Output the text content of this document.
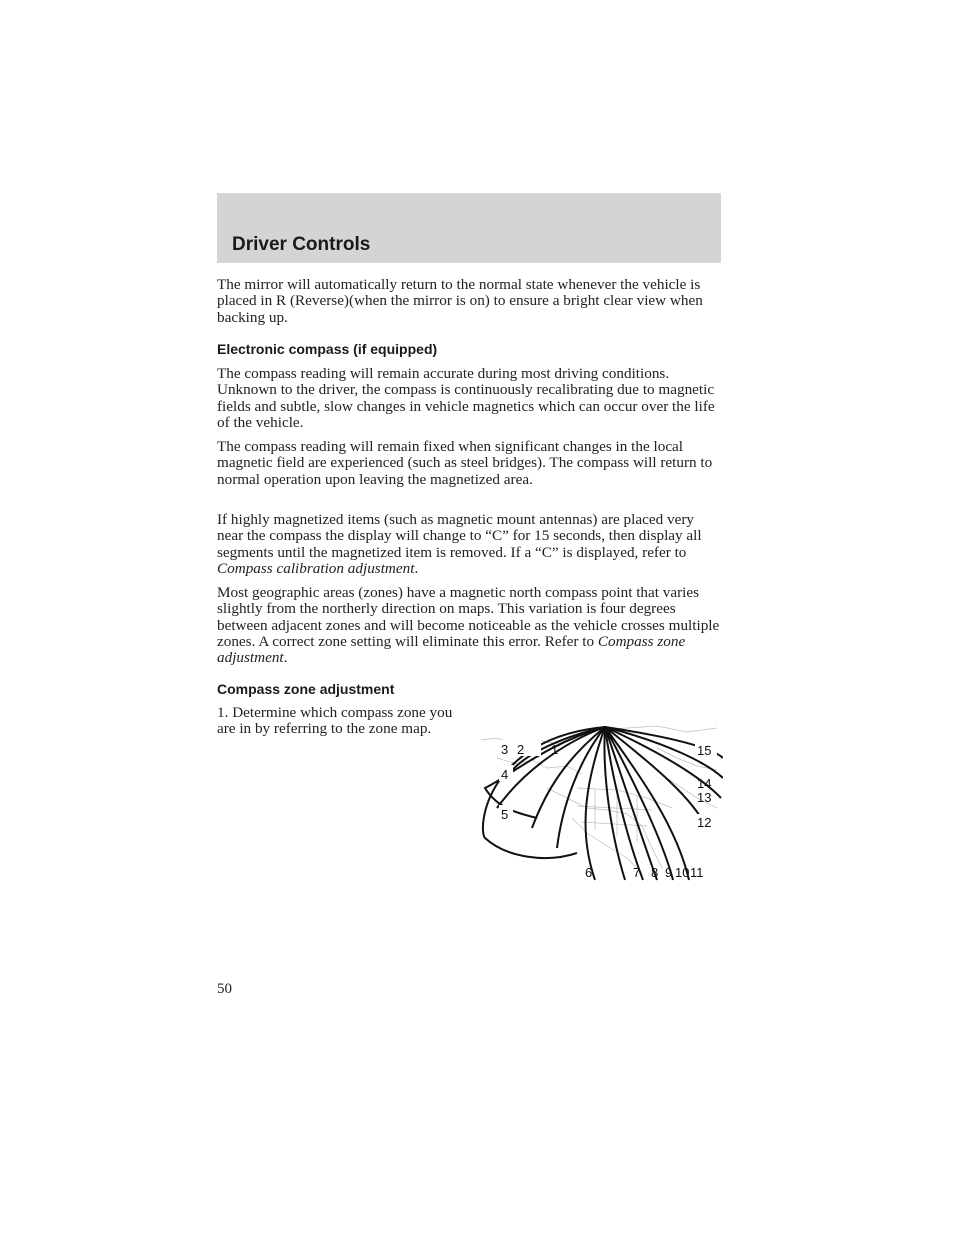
Driver Controls

The mirror will automatically return to the normal state whenever the vehicle is placed in R (Reverse)(when the mirror is on) to ensure a bright clear view when backing up.

Electronic compass (if equipped)

The compass reading will remain accurate during most driving conditions. Unknown to the driver, the compass is continuously recalibrating due to magnetic fields and subtle, slow changes in vehicle magnetics which can occur over the life of the vehicle.

The compass reading will remain fixed when significant changes in the local magnetic field are experienced (such as steel bridges). The compass will return to normal operation upon leaving the magnetized area.

If highly magnetized items (such as magnetic mount antennas) are placed very near the compass the display will change to “C” for 15 seconds, then display all segments until the magnetized item is removed. If a “C” is displayed, refer to Compass calibration adjustment.

Most geographic areas (zones) have a magnetic north compass point that varies slightly from the northerly direction on maps. This variation is four degrees between adjacent zones and will become noticeable as the vehicle crosses multiple zones. A correct zone setting will eliminate this error. Refer to Compass zone adjustment.

Compass zone adjustment

1. Determine which compass zone you are in by referring to the zone map.

1
2
3
4
5
6	7 8 9 10 11
12
13
14
15
50
